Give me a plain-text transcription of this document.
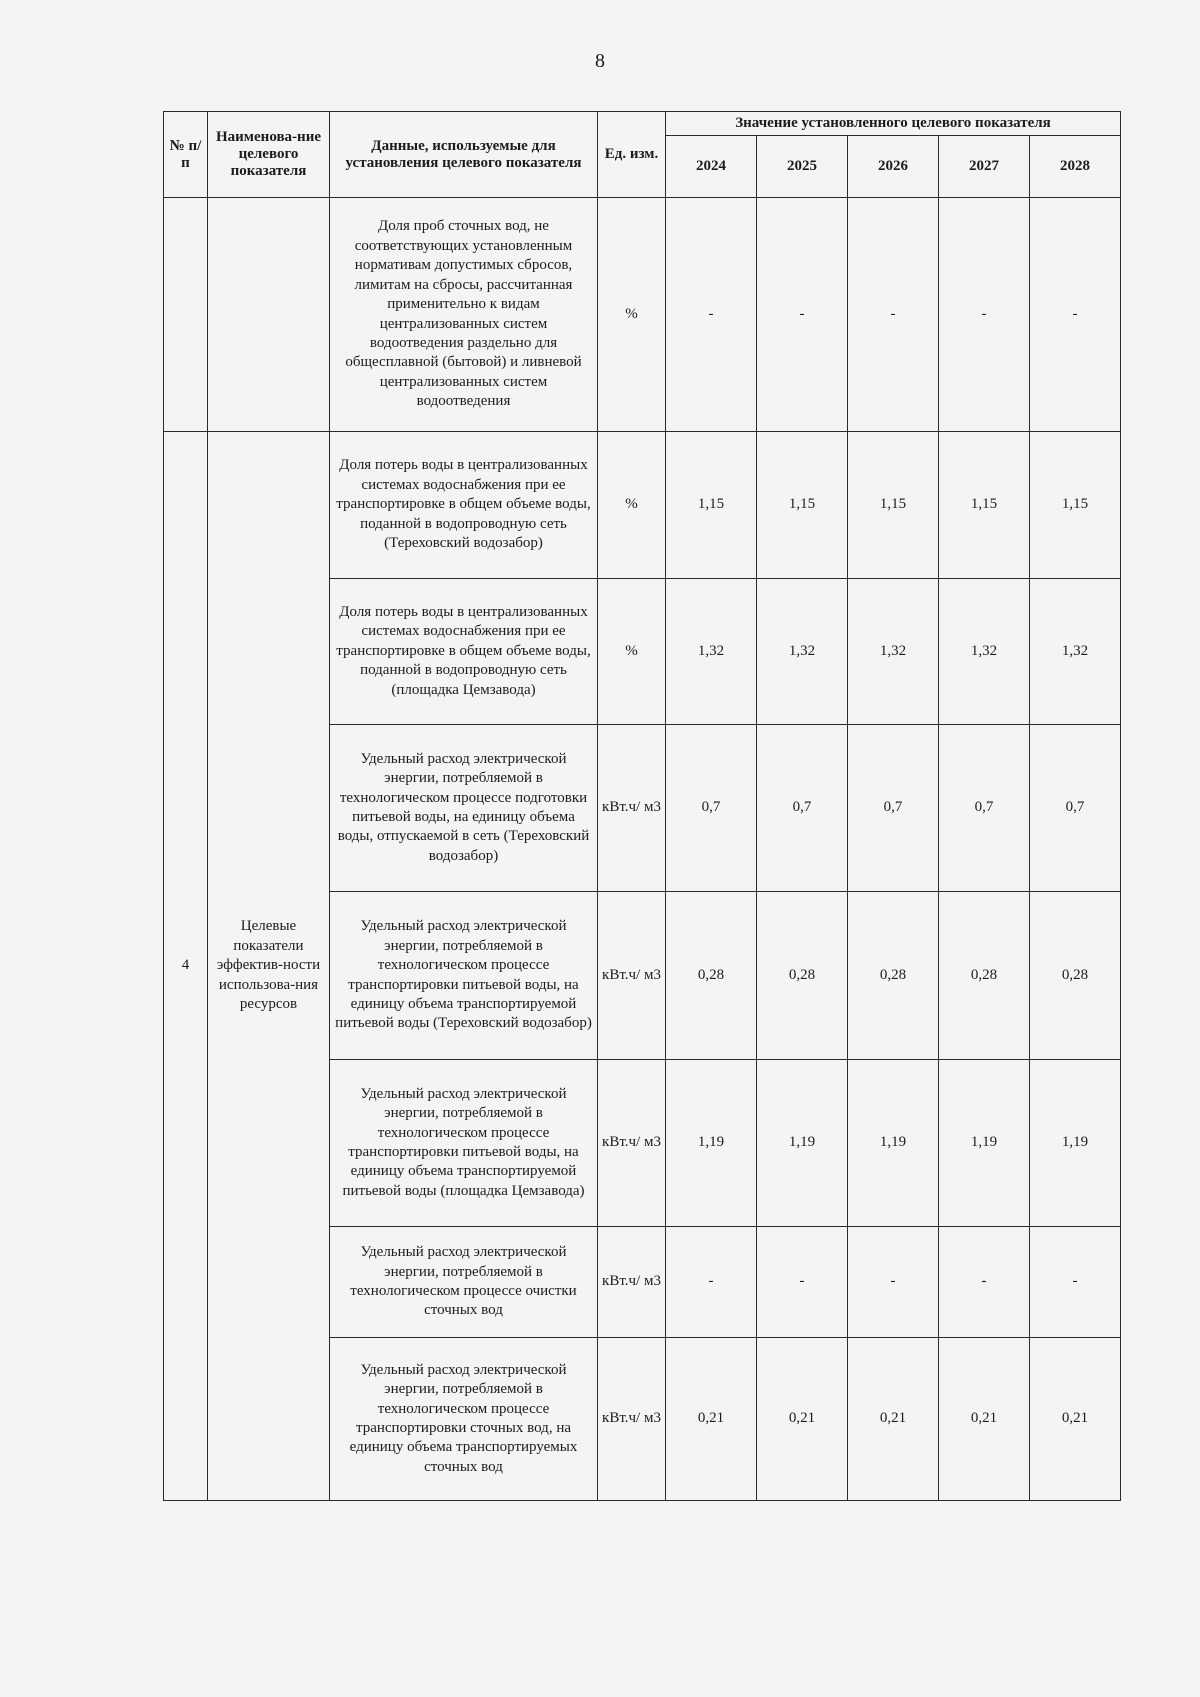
8
№ п/п	Наименова-ние целевого показателя	Данные, используемые для установления целевого показателя	Ед. изм.	Значение установленного целевого показателя				
				2024	2025	2026	2027	2028
		Доля проб сточных вод, не соответствующих установленным нормативам допустимых сбросов, лимитам на сбросы, рассчитанная применительно к видам централизованных систем водоотведения раздельно для общесплавной (бытовой) и ливневой централизованных систем водоотведения	%	-	-	-	-	-
4	Целевые показатели эффектив-ности использова-ния ресурсов	Доля потерь воды в централизованных системах водоснабжения при ее транспортировке в общем объеме воды, поданной в водопроводную сеть (Тереховский водозабор)	%	1,15	1,15	1,15	1,15	1,15
		Доля потерь воды в централизованных системах водоснабжения при ее транспортировке в общем объеме воды, поданной в водопроводную сеть (площадка Цемзавода)	%	1,32	1,32	1,32	1,32	1,32
		Удельный расход электрической энергии, потребляемой в технологическом процессе подготовки питьевой воды, на единицу объема воды, отпускаемой в сеть (Тереховский водозабор)	кВт.ч/ м3	0,7	0,7	0,7	0,7	0,7
		Удельный расход электрической энергии, потребляемой в технологическом процессе транспортировки питьевой воды, на единицу объема транспортируемой питьевой воды (Тереховский водозабор)	кВт.ч/ м3	0,28	0,28	0,28	0,28	0,28
		Удельный расход электрической энергии, потребляемой в технологическом процессе транспортировки питьевой воды, на единицу объема транспортируемой питьевой воды (площадка Цемзавода)	кВт.ч/ м3	1,19	1,19	1,19	1,19	1,19
		Удельный расход электрической энергии, потребляемой в технологическом процессе очистки сточных вод	кВт.ч/ м3	-	-	-	-	-
		Удельный расход электрической энергии, потребляемой в технологическом процессе транспортировки сточных вод, на единицу объема транспортируемых сточных вод	кВт.ч/ м3	0,21	0,21	0,21	0,21	0,21
